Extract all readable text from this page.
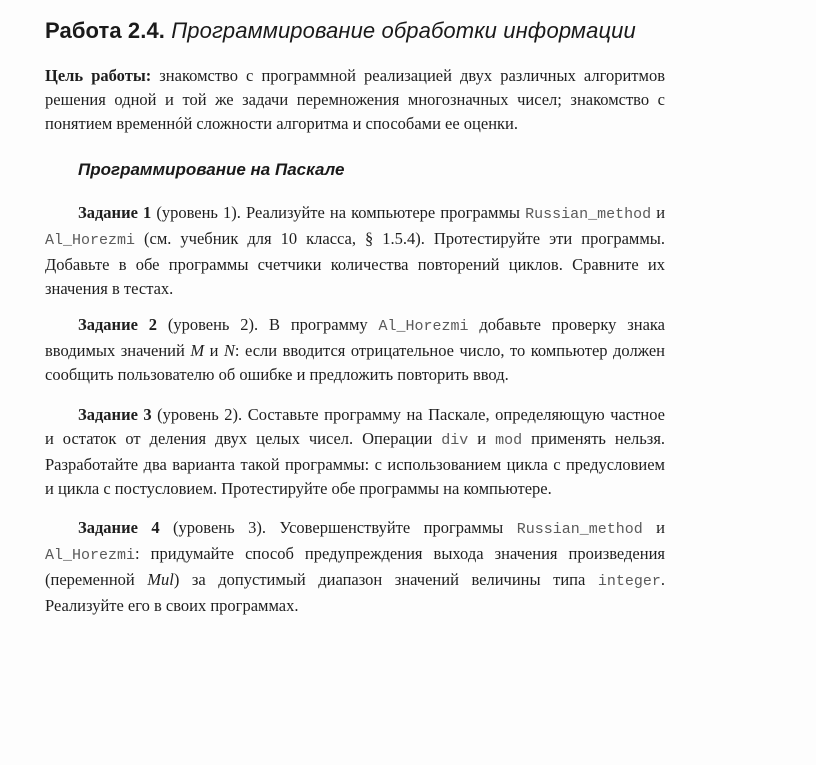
Работа 2.4. Программирование обработки информации

Цель работы: знакомство с программной реализацией двух различных алгоритмов решения одной и той же задачи перемножения многозначных чисел; знакомство с понятием временнóй сложности алгоритма и способами ее оценки.

Программирование на Паскале

Задание 1 (уровень 1). Реализуйте на компьютере программы Russian_method и Al_Horezmi (см. учебник для 10 класса, § 1.5.4). Протестируйте эти программы. Добавьте в обе программы счетчики количества повторений циклов. Сравните их значения в тестах.

Задание 2 (уровень 2). В программу Al_Horezmi добавьте проверку знака вводимых значений M и N: если вводится отрицательное число, то компьютер должен сообщить пользователю об ошибке и предложить повторить ввод.

Задание 3 (уровень 2). Составьте программу на Паскале, определяющую частное и остаток от деления двух целых чисел. Операции div и mod применять нельзя. Разработайте два варианта такой программы: с использованием цикла с предусловием и цикла с постусловием. Протестируйте обе программы на компьютере.

Задание 4 (уровень 3). Усовершенствуйте программы Russian_method и Al_Horezmi: придумайте способ предупреждения выхода значения произведения (переменной Mul) за допустимый диапазон значений величины типа integer. Реализуйте его в своих программах.
